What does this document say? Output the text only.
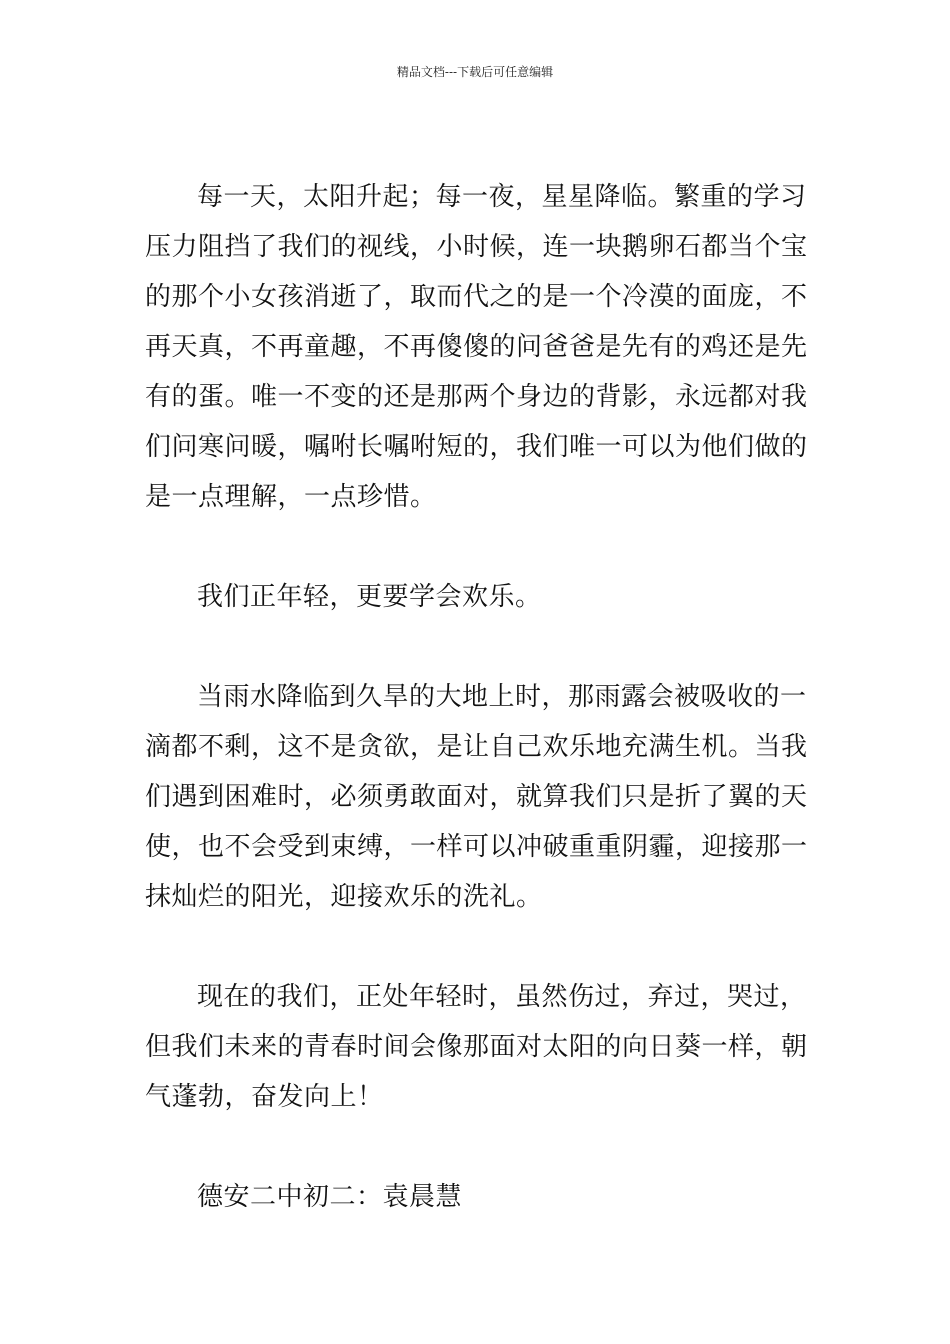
精品文档---下载后可任意编辑

每一天，太阳升起；每一夜，星星降临。繁重的学习压力阻挡了我们的视线，小时候，连一块鹅卵石都当个宝的那个小女孩消逝了，取而代之的是一个冷漠的面庞，不再天真，不再童趣，不再傻傻的问爸爸是先有的鸡还是先有的蛋。唯一不变的还是那两个身边的背影，永远都对我们问寒问暖，嘱咐长嘱咐短的，我们唯一可以为他们做的是一点理解，一点珍惜。

我们正年轻，更要学会欢乐。

当雨水降临到久旱的大地上时，那雨露会被吸收的一滴都不剩，这不是贪欲，是让自己欢乐地充满生机。当我们遇到困难时，必须勇敢面对，就算我们只是折了翼的天使，也不会受到束缚，一样可以冲破重重阴霾，迎接那一抹灿烂的阳光，迎接欢乐的洗礼。

现在的我们，正处年轻时，虽然伤过，弃过，哭过，但我们未来的青春时间会像那面对太阳的向日葵一样，朝气蓬勃，奋发向上！

德安二中初二：袁晨慧
